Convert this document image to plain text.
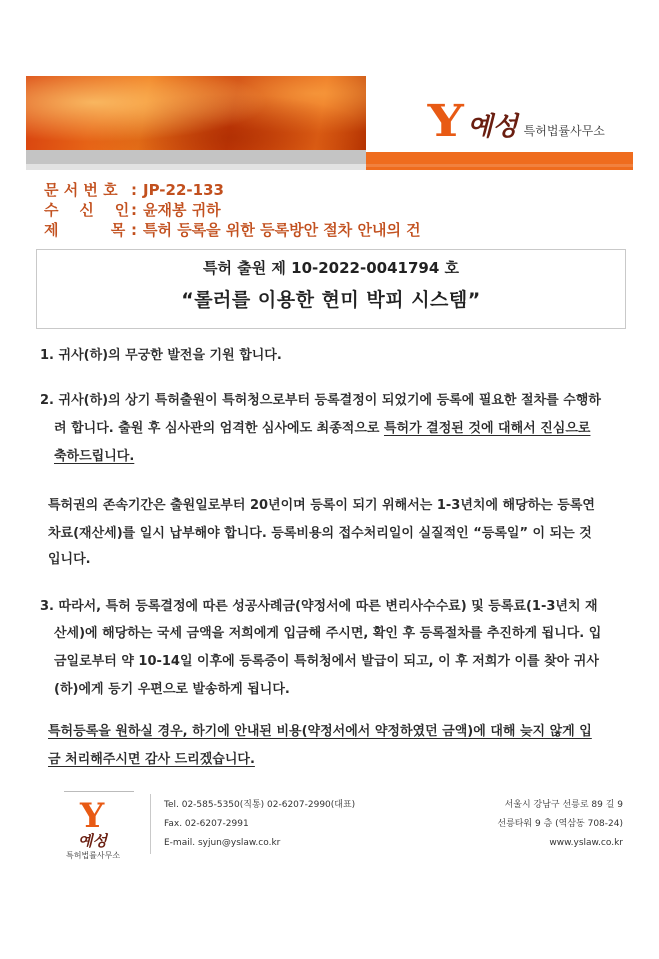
Y 예성 특허법률사무소
문 서 번 호 : JP-22-133
수    신    인 : 윤재봉 귀하
제          목 : 특허 등록을 위한 등록방안 절차 안내의 건
특허 출원 제 10-2022-0041794 호
“롤러를 이용한 현미 박피 시스템”
1. 귀사(하)의 무궁한 발전을 기원 합니다.
2. 귀사(하)의 상기 특허출원이 특허청으로부터 등록결정이 되었기에 등록에 필요한 절차를 수행하
려 합니다. 출원 후 심사관의 엄격한 심사에도 최종적으로 특허가 결정된 것에 대해서 진심으로
축하드립니다.
특허권의 존속기간은 출원일로부터 20년이며 등록이 되기 위해서는 1-3년치에 해당하는 등록연
차료(재산세)를 일시 납부해야 합니다. 등록비용의 접수처리일이 실질적인 “등록일” 이 되는 것
입니다.
3. 따라서, 특허 등록결정에 따른 성공사례금(약정서에 따른 변리사수수료) 및 등록료(1-3년치 재
산세)에 해당하는 국세 금액을 저희에게 입금해 주시면, 확인 후 등록절차를 추진하게 됩니다. 입
금일로부터 약 10-14일 이후에 등록증이 특허청에서 발급이 되고, 이 후 저희가 이를 찾아 귀사
(하)에게 등기 우편으로 발송하게 됩니다.
특허등록을 원하실 경우, 하기에 안내된 비용(약정서에서 약정하였던 금액)에 대해 늦지 않게 입
금 처리해주시면 감사 드리겠습니다.
Y
예성
특허법률사무소
Tel. 02-585-5350(직통) 02-6207-2990(대표)
Fax. 02-6207-2991
E-mail. syjun@yslaw.co.kr
서울시 강남구 선릉로 89 길 9
선릉타워 9 층 (역삼동 708-24)
www.yslaw.co.kr
